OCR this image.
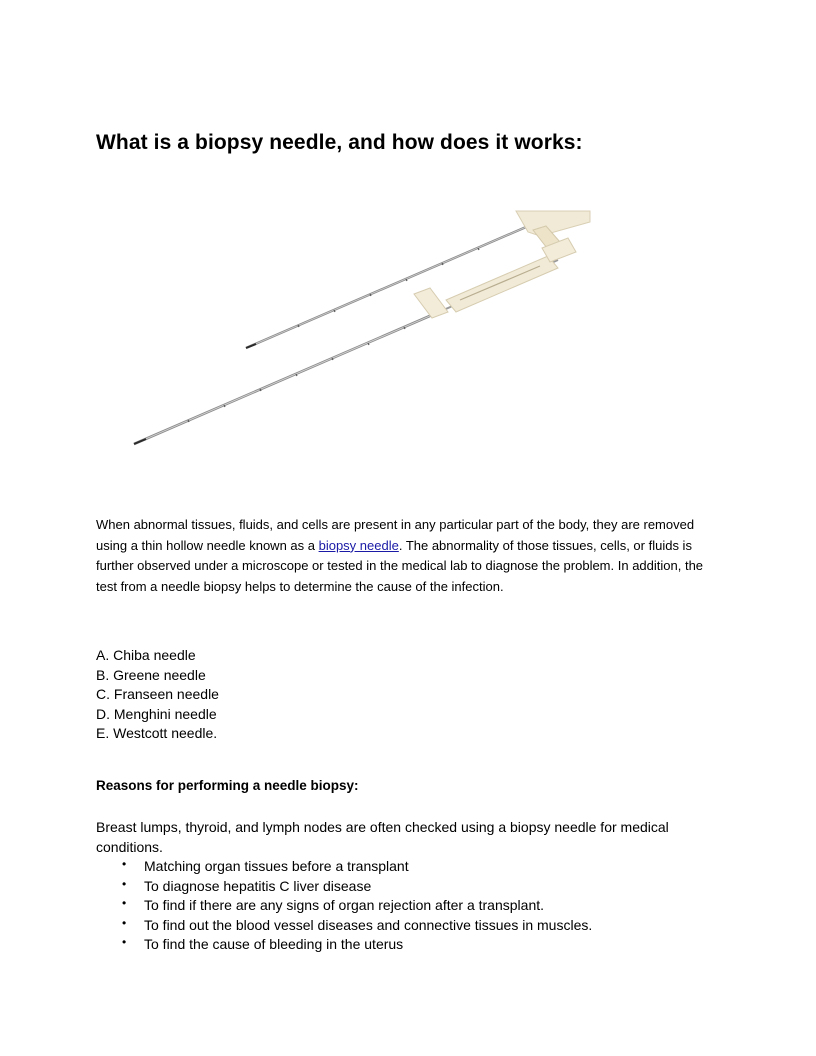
What is a biopsy needle, and how does it works:

When abnormal tissues, fluids, and cells are present in any particular part of the body, they are removed using a thin hollow needle known as a biopsy needle. The abnormality of those tissues, cells, or fluids is further observed under a microscope or tested in the medical lab to diagnose the problem. In addition, the test from a needle biopsy helps to determine the cause of the infection.

A. Chiba needle
B. Greene needle
C. Franseen needle
D. Menghini needle
E. Westcott needle.
Reasons for performing a needle biopsy:

Breast lumps, thyroid, and lymph nodes are often checked using a biopsy needle for medical conditions.

• Matching organ tissues before a transplant
• To diagnose hepatitis C liver disease
• To find if there are any signs of organ rejection after a transplant.
• To find out the blood vessel diseases and connective tissues in muscles.
• To find the cause of bleeding in the uterus
